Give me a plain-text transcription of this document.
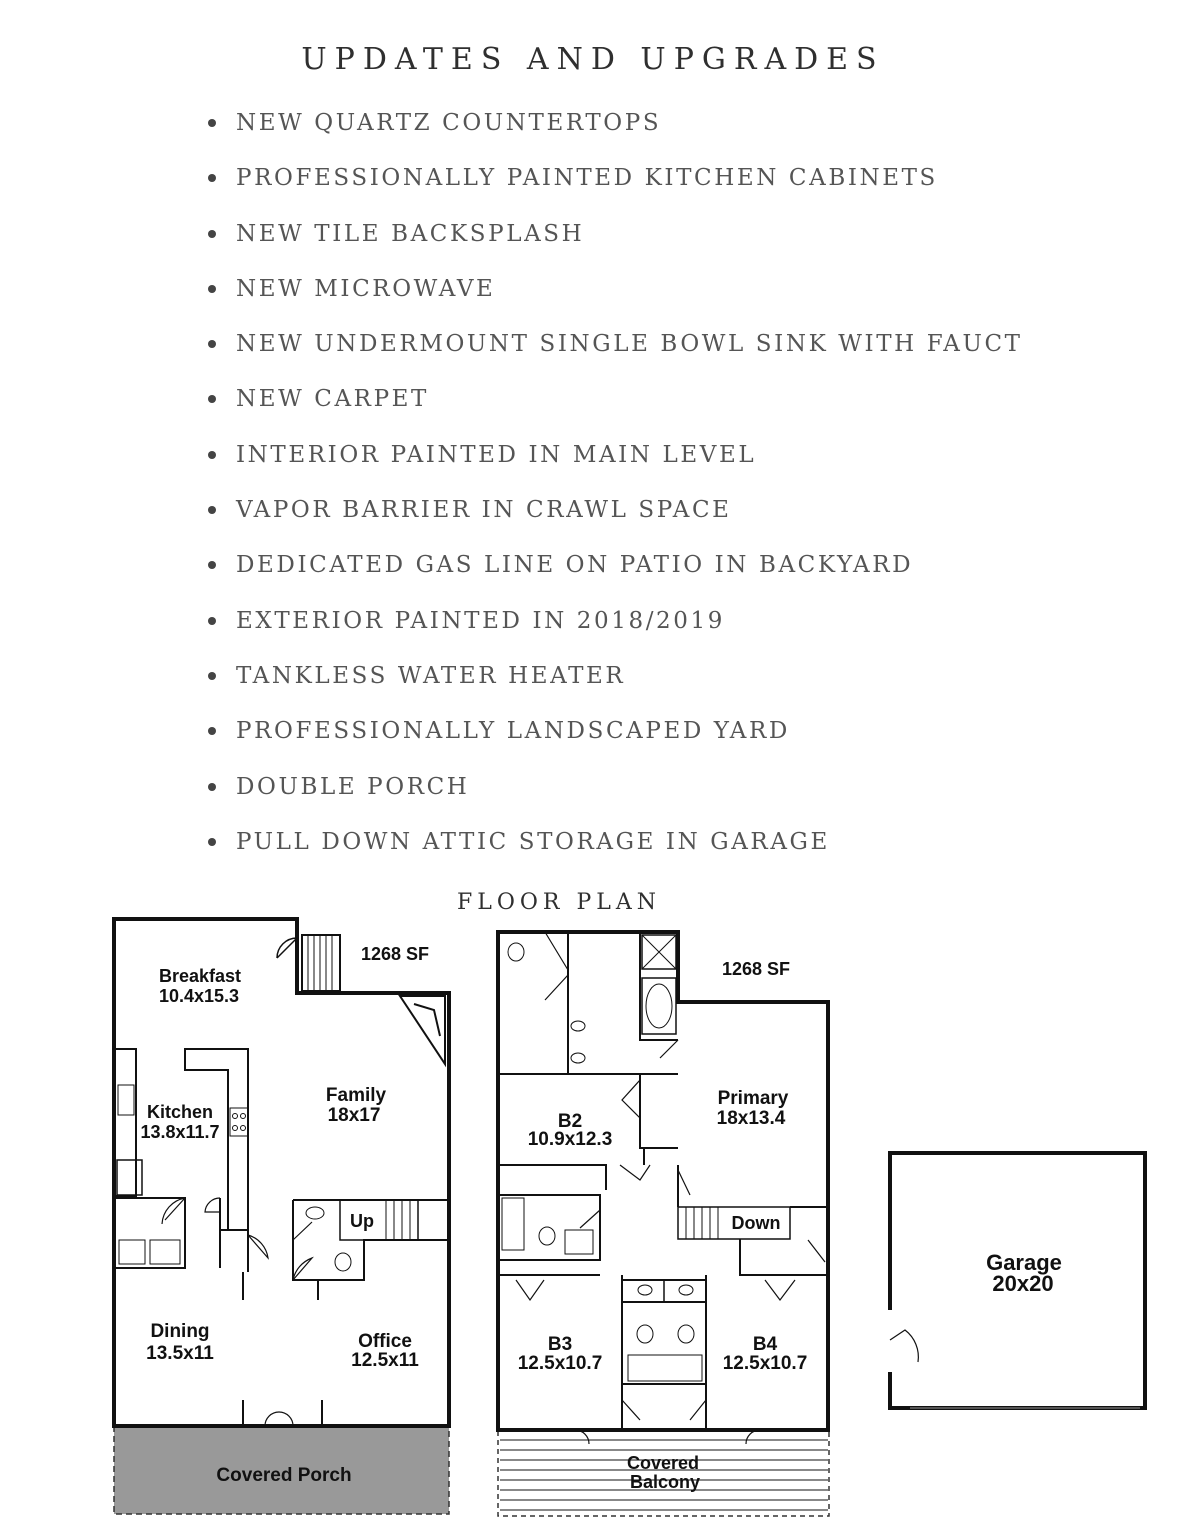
UPDATES AND UPGRADES
NEW QUARTZ COUNTERTOPS
PROFESSIONALLY PAINTED KITCHEN CABINETS
NEW TILE BACKSPLASH
NEW MICROWAVE
NEW UNDERMOUNT SINGLE BOWL SINK WITH FAUCT
NEW CARPET
INTERIOR PAINTED IN MAIN LEVEL
VAPOR BARRIER IN CRAWL SPACE
DEDICATED GAS LINE ON PATIO IN BACKYARD
EXTERIOR PAINTED IN 2018/2019
TANKLESS WATER HEATER
PROFESSIONALLY LANDSCAPED YARD
DOUBLE PORCH
PULL DOWN ATTIC STORAGE IN GARAGE
FLOOR PLAN
1268 SF
Breakfast
10.4x15.3
Kitchen
13.8x11.7
Family
18x17
Up
Dining
13.5x11
Office
12.5x11
Covered Porch
1268 SF
B2
10.9x12.3
Primary
18x13.4
Down
B3
12.5x10.7
B4
12.5x10.7
Covered
Balcony
Garage
20x20
